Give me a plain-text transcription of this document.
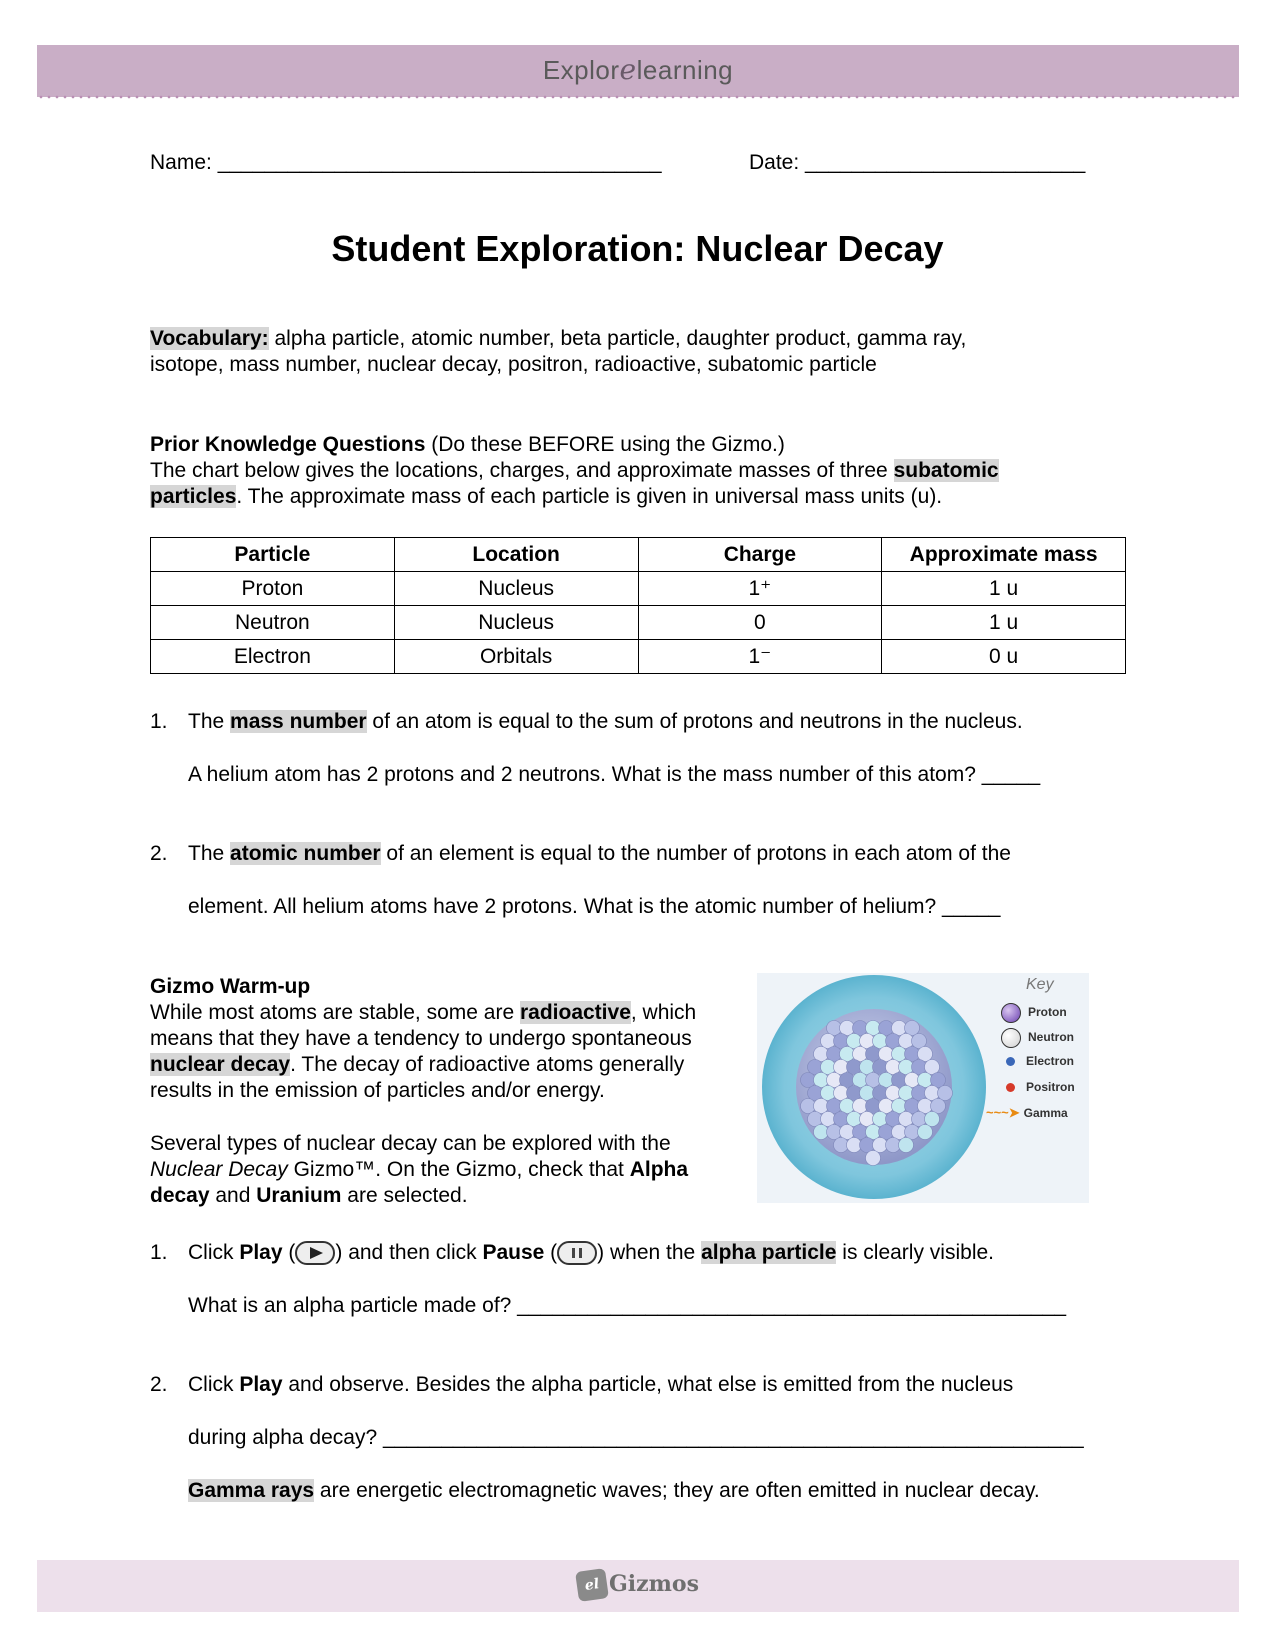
Explorelearning
Name: ______________________________________	Date: ________________________
Student Exploration: Nuclear Decay
Vocabulary: alpha particle, atomic number, beta particle, daughter product, gamma ray,
isotope, mass number, nuclear decay, positron, radioactive, subatomic particle
Prior Knowledge Questions (Do these BEFORE using the Gizmo.)
The chart below gives the locations, charges, and approximate masses of three subatomic
particles. The approximate mass of each particle is given in universal mass units (u).
Particle	Location	Charge	Approximate mass
Proton	Nucleus	1⁺	1 u
Neutron	Nucleus	0	1 u
Electron	Orbitals	1⁻	0 u
1. The mass number of an atom is equal to the sum of protons and neutrons in the nucleus.
A helium atom has 2 protons and 2 neutrons. What is the mass number of this atom? _____
2. The atomic number of an element is equal to the number of protons in each atom of the
element. All helium atoms have 2 protons. What is the atomic number of helium? _____
Gizmo Warm-up
While most atoms are stable, some are radioactive, which
means that they have a tendency to undergo spontaneous
nuclear decay. The decay of radioactive atoms generally
results in the emission of particles and/or energy.
Several types of nuclear decay can be explored with the
Nuclear Decay Gizmo™. On the Gizmo, check that Alpha
decay and Uranium are selected.
Key
Proton
Neutron
Electron
Positron
~~~➤ Gamma
1. Click Play ( ) and then click Pause ( ) when the alpha particle is clearly visible.
What is an alpha particle made of? _______________________________________________
2. Click Play and observe. Besides the alpha particle, what else is emitted from the nucleus
during alpha decay? ____________________________________________________________
Gamma rays are energetic electromagnetic waves; they are often emitted in nuclear decay.
el Gizmos
